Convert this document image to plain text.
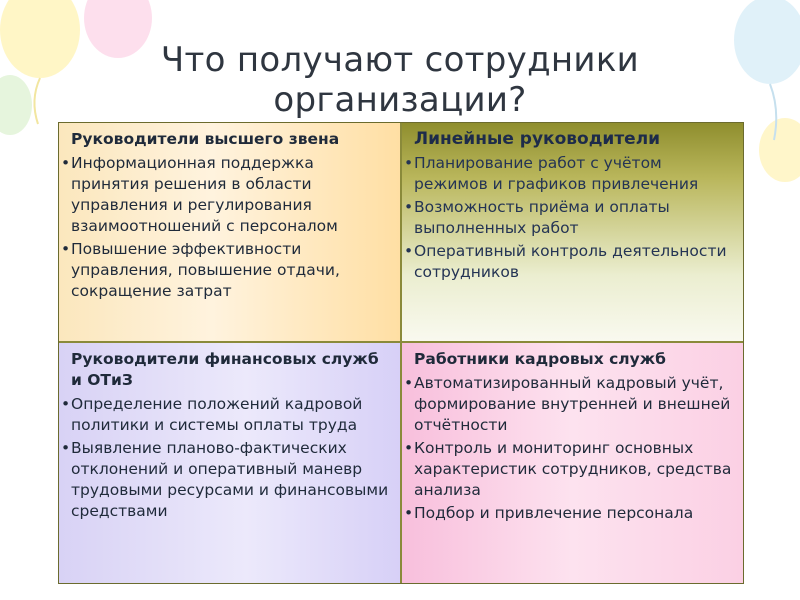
Что получают сотрудники
организации?
Руководители высшего звена
• Информационная поддержка принятия решения в области управления и регулирования взаимоотношений с персоналом
• Повышение эффективности управления, повышение отдачи, сокращение затрат
Линейные руководители
• Планирование работ с учётом режимов и графиков привлечения
• Возможность приёма и оплаты выполненных работ
• Оперативный контроль деятельности сотрудников
Руководители финансовых служб и ОТиЗ
• Определение положений кадровой политики и системы оплаты труда
• Выявление планово-фактических отклонений и оперативный маневр трудовыми ресурсами и финансовыми средствами
Работники кадровых служб
• Автоматизированный кадровый учёт, формирование внутренней и внешней отчётности
• Контроль и мониторинг основных характеристик сотрудников, средства анализа
• Подбор и привлечение персонала
